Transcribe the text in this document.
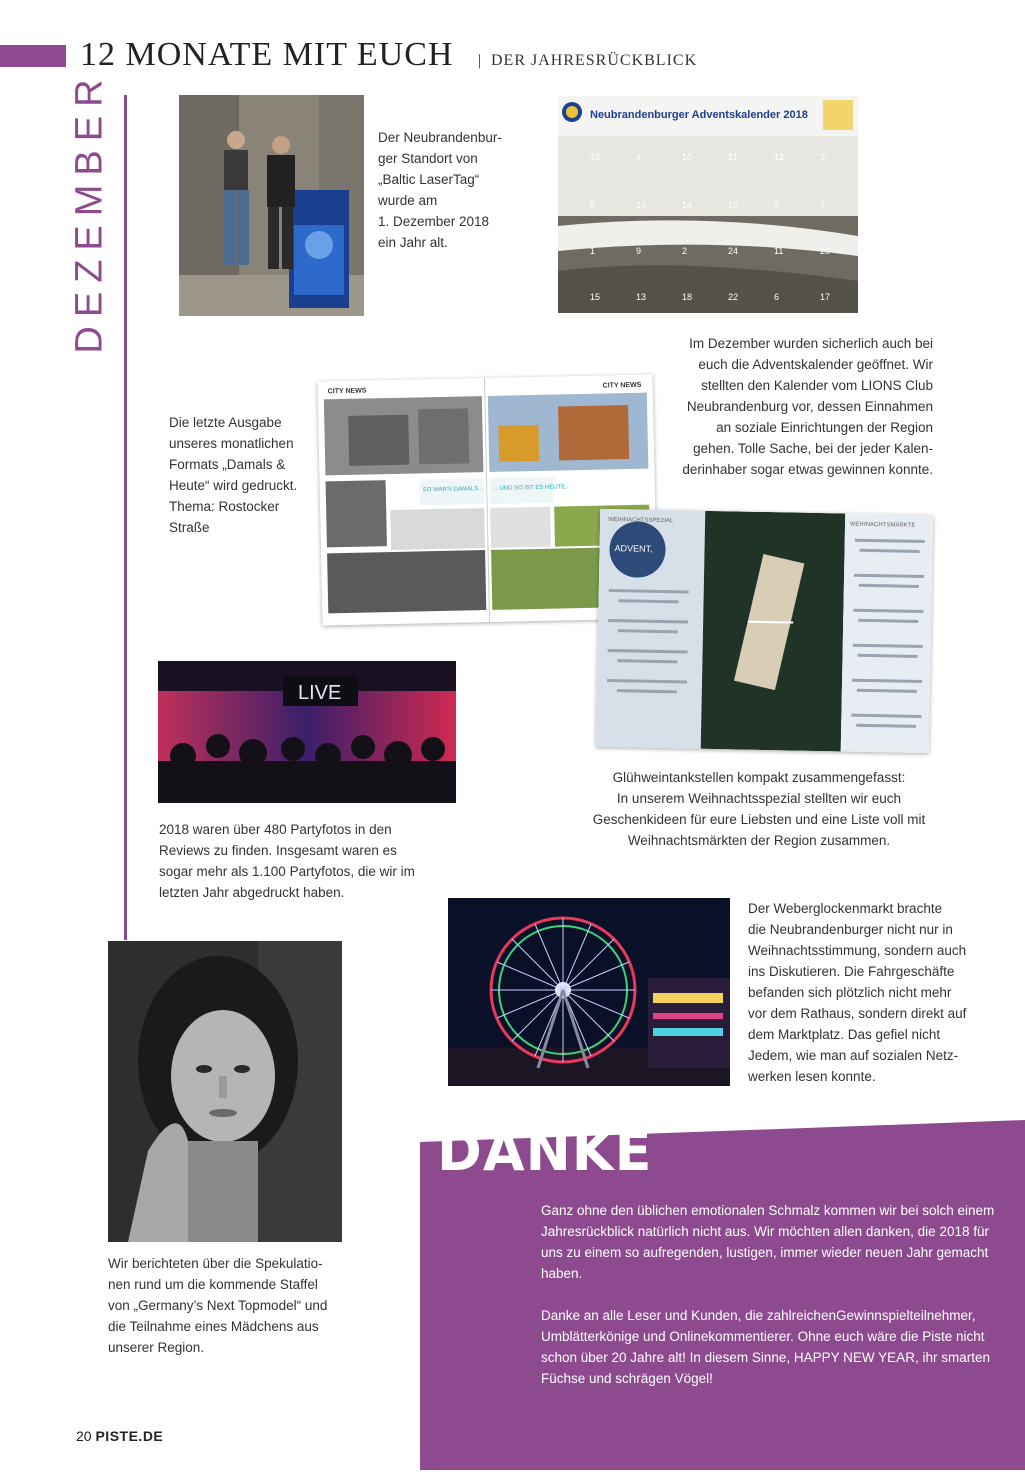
12 MONATE MIT EUCH | DER JAHRESRÜCKBLICK
DEZEMBER	Der Neubrandenbur-
ger Standort von
„Baltic LaserTag“
wurde am
1. Dezember 2018
ein Jahr alt.
Neubrandenburger Adventskalender 2018
19	4	10	21	12	3
8	14	14	16	5	7
1	9	2	24	11	20
15	13	18	22	6	17
Im Dezember wurden sicherlich auch bei
euch die Adventskalender geöffnet. Wir
stellten den Kalender vom LIONS Club
Neubrandenburg vor, dessen Einnahmen
an soziale Einrichtungen der Region
gehen. Tolle Sache, bei der jeder Kalen-
derinhaber sogar etwas gewinnen konnte.
CITY NEWS
CITY NEWS
SO WAR'S DAMALS... ... UND SO IST ES HEUTE...
Die letzte Ausgabe
unseres monatlichen
Formats „Damals &
Heute“ wird gedruckt.
Thema: Rostocker
Straße	WEIHNACHTSSPEZIAL
WEIHNACHTSMÄRKTE
ADVENT,
LIVE
Glühweintankstellen kompakt zusammengefasst:
In unserem Weihnachtsspezial stellten wir euch
Geschenkideen für eure Liebsten und eine Liste voll mit
Weihnachtsmärkten der Region zusammen.
2018 waren über 480 Partyfotos in den
Reviews zu finden. Insgesamt waren es
sogar mehr als 1.100 Partyfotos, die wir im
letzten Jahr abgedruckt haben.
Der Weberglockenmarkt brachte
die Neubrandenburger nicht nur in
Weihnachtsstimmung, sondern auch
ins Diskutieren. Die Fahrgeschäfte
befanden sich plötzlich nicht mehr
vor dem Rathaus, sondern direkt auf
dem Marktplatz. Das gefiel nicht
Jedem, wie man auf sozialen Netz-
werken lesen konnte.
Wir berichteten über die Spekulatio-
nen rund um die kommende Staffel
von „Germany’s Next Topmodel“ und
die Teilnahme eines Mädchens aus
unserer Region.
DANKE

Ganz ohne den üblichen emotionalen Schmalz kommen wir bei solch einem Jahresrückblick natürlich nicht aus. Wir möchten allen danken, die 2018 für uns zu einem so aufregenden, lustigen, immer wieder neuen Jahr gemacht haben.

Danke an alle Leser und Kunden, die zahlreichenGewinnspielteilnehmer, Umblätterkönige und Onlinekommentierer. Ohne euch wäre die Piste nicht schon über 20 Jahre alt! In diesem Sinne, HAPPY NEW YEAR, ihr smarten Füchse und schrägen Vögel!

20 PISTE.DE
